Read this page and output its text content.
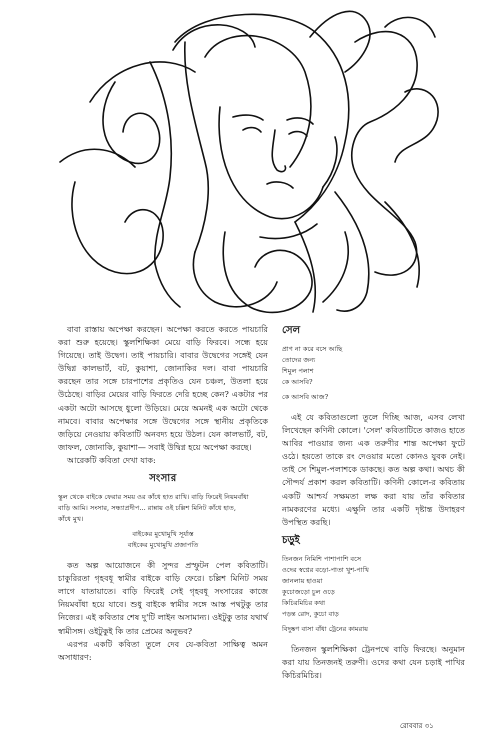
বাবা রাস্তায় অপেক্ষা করছেন। অপেক্ষা করতে করতে পায়চারি করা শুরু হয়েছে। স্কুলশিক্ষিকা মেয়ে বাড়ি ফিরবে। সন্ধে হয়ে গিয়েছে। তাই উদ্বেগ। তাই পায়চারি। বাবার উদ্বেগের সঙ্গেই যেন উদ্বিগ্ন কালভার্ট, বট, কুয়াশা, জোনাকির দল। বাবা পায়চারি করছেন তার সঙ্গে চারপাশের প্রকৃতিও যেন চঞ্চল, উতলা হয়ে উঠেছে। বাড়ির মেয়ের বাড়ি ফিরতে দেরি হচ্ছে কেন? একটার পর একটা অটো আসছে ধুলো উড়িয়ে। মেয়ে অমনই এক অটো থেকে নামবে। বাবার অপেক্ষার সঙ্গে উদ্বেগের সঙ্গে স্থানীয় প্রকৃতিকে জড়িয়ে নেওয়ায় কবিতাটি অনবদ্য হয়ে উঠল। যেন কালভার্ট, বট, জাফল, জোনাকি, কুয়াশা— সবাই উদ্বিগ্ন হয়ে অপেক্ষা করছে।

আরেকটি কবিতা দেখা যাক:

সংসার

স্কুল থেকে বাইকে ফেরার সময় ওর কাঁধে হাত রাখি। বাড়ি ফিরেই নিয়মবাঁধা

বাড়ি আমি। সংসার, সন্ধ্যাপ্রদীপ... রান্নায় ওই চল্লিশ মিনিট কাঁধে হাত,

কাঁধে মুখ।

বাইকের মুখোমুখি সূর্যাস্ত

বাইকের মুখোমুখি প্রজাপতি

কত অল্প আয়োজনে কী সুন্দর প্রস্ফুটন পেল কবিতাটি। চাকুরিরতা গৃহবধূ স্বামীর বাইকে বাড়ি ফেরে। চল্লিশ মিনিট সময় লাগে যাতায়াতে। বাড়ি ফিরেই সেই গৃহবধূ সংসারের কাজে নিয়মবাঁধা হয়ে যাবে। শুধু বাইকে স্বামীর সঙ্গে আস্ত পথটুকু তার নিজের। এই কবিতার শেষ দু'টি লাইন অসামান্য। ওইটুকু তার যথার্থ স্বামীসঙ্গ। ওইটুকুই কি তার প্রেমের অনুভব?

এরপর একটি কবিতা তুলে দেব যে-কবিতা সাক্ষিত্ব অমন অসাধারণ:

সেল

প্রাণ না করে বসে আছি

তোদের জন্য

শিমুল পলাশ

কে আসবি?

কে আসবি আজ?

এই যে কবিতাগুলো তুলে দিচ্ছি আজ, এসব লেখা লিখেছেন কণিনী কোলে। 'সেল' কবিতাটিতে কাজও হাতে আবির পাওয়ার জন্য এক তরুণীর শান্ত অপেক্ষা ফুটে ওঠে। হয়তো তাকে রং দেওয়ার মতো কোনও যুবক নেই। তাই সে শিমুল-পলাশকে ডাকছে। কত অল্প কথা। অথচ কী সৌন্দর্য প্রকাশ করল কবিতাটি। কণিনী কোলে-র কবিতায় একটি আশ্চর্য সক্ষমতা লক্ষ করা যায় তাঁর কবিতার নামকরণের মধ্যে। এক্ষুনি তার একটি দৃষ্টান্ত উদাহরণ উপস্থিত করছি।

চড়ুই

তিনজন নিমিশি পাশাপাশি বসে

ওদের স্বপ্নের বড়ো-পাতা খুশ-পাখি

জানলায় হাওয়া

কুচোজড়ো চুল ওড়ে

কিচিরমিচির কথা

পড়ন্ত রোদ, কুচো বাড়

বিদুষ্কণ বাসা বাঁধা ট্রেনের কামরায়

তিনজন স্কুলশিক্ষিকা ট্রেনপথে বাড়ি ফিরছে। অনুমান করা যায় তিনজনই তরুণী। ওদের কথা যেন চড়াই পাখির কিচিরমিচির।

রোববার ৩১
